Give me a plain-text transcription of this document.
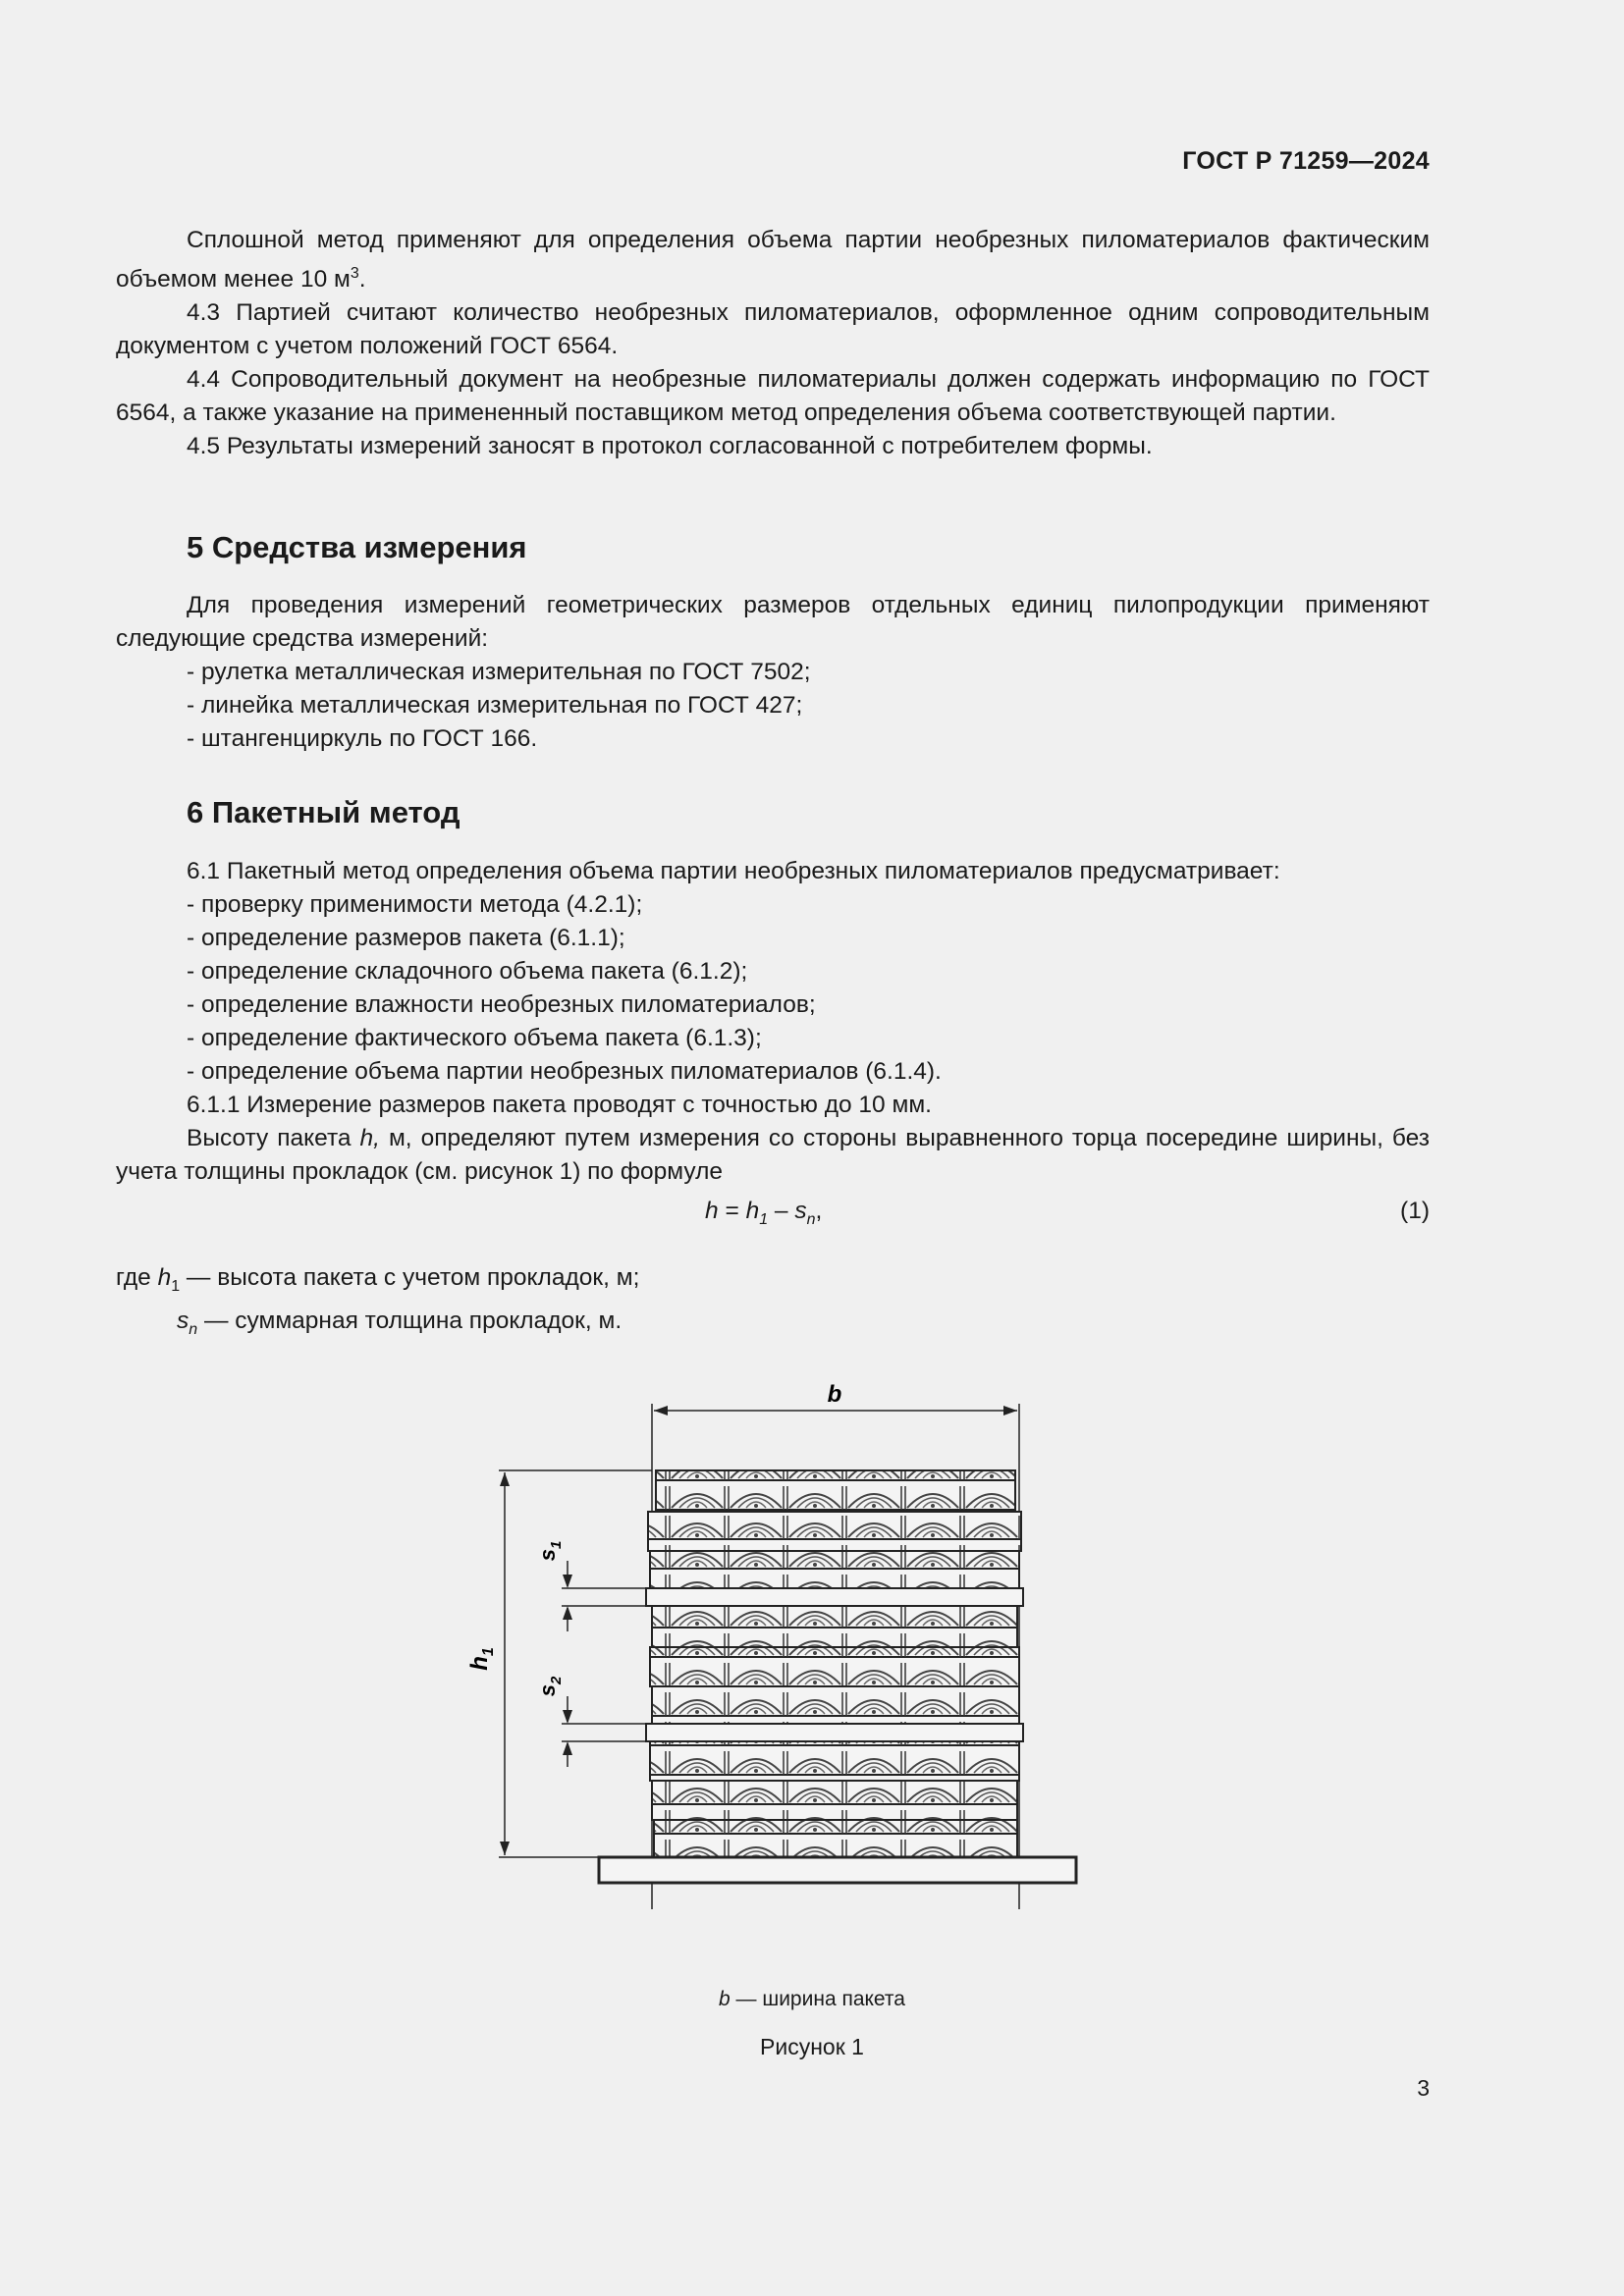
ГОСТ Р 71259—2024

Сплошной метод применяют для определения объема партии необрезных пиломатериалов фактическим объемом менее 10 $м^3$.

4.3 Партией считают количество необрезных пиломатериалов, оформленное одним сопроводительным документом с учетом положений ГОСТ 6564.

4.4 Сопроводительный документ на необрезные пиломатериалы должен содержать информацию по ГОСТ 6564, а также указание на примененный поставщиком метод определения объема соответствующей партии.

4.5 Результаты измерений заносят в протокол согласованной с потребителем формы.

5 Средства измерения

Для проведения измерений геометрических размеров отдельных единиц пилопродукции применяют следующие средства измерений:

- рулетка металлическая измерительная по ГОСТ 7502;

- линейка металлическая измерительная по ГОСТ 427;

- штангенциркуль по ГОСТ 166.

6 Пакетный метод

6.1 Пакетный метод определения объема партии необрезных пиломатериалов предусматривает:

- проверку применимости метода (4.2.1);

- определение размеров пакета (6.1.1);

- определение складочного объема пакета (6.1.2);

- определение влажности необрезных пиломатериалов;

- определение фактического объема пакета (6.1.3);

- определение объема партии необрезных пиломатериалов (6.1.4).

6.1.1 Измерение размеров пакета проводят с точностью до 10 мм.

Высоту пакета h, м, определяют путем измерения со стороны выравненного торца посередине ширины, без учета толщины прокладок (см. рисунок 1) по формуле

$h = h_1 - s_n$,	(1)
где $h_1$ — высота пакета с учетом прокладок, м;
$s_n$ — суммарная толщина прокладок, м.
b
$h_1$
$s_1$
$s_2$
b — ширина пакета
Рисунок 1
3
